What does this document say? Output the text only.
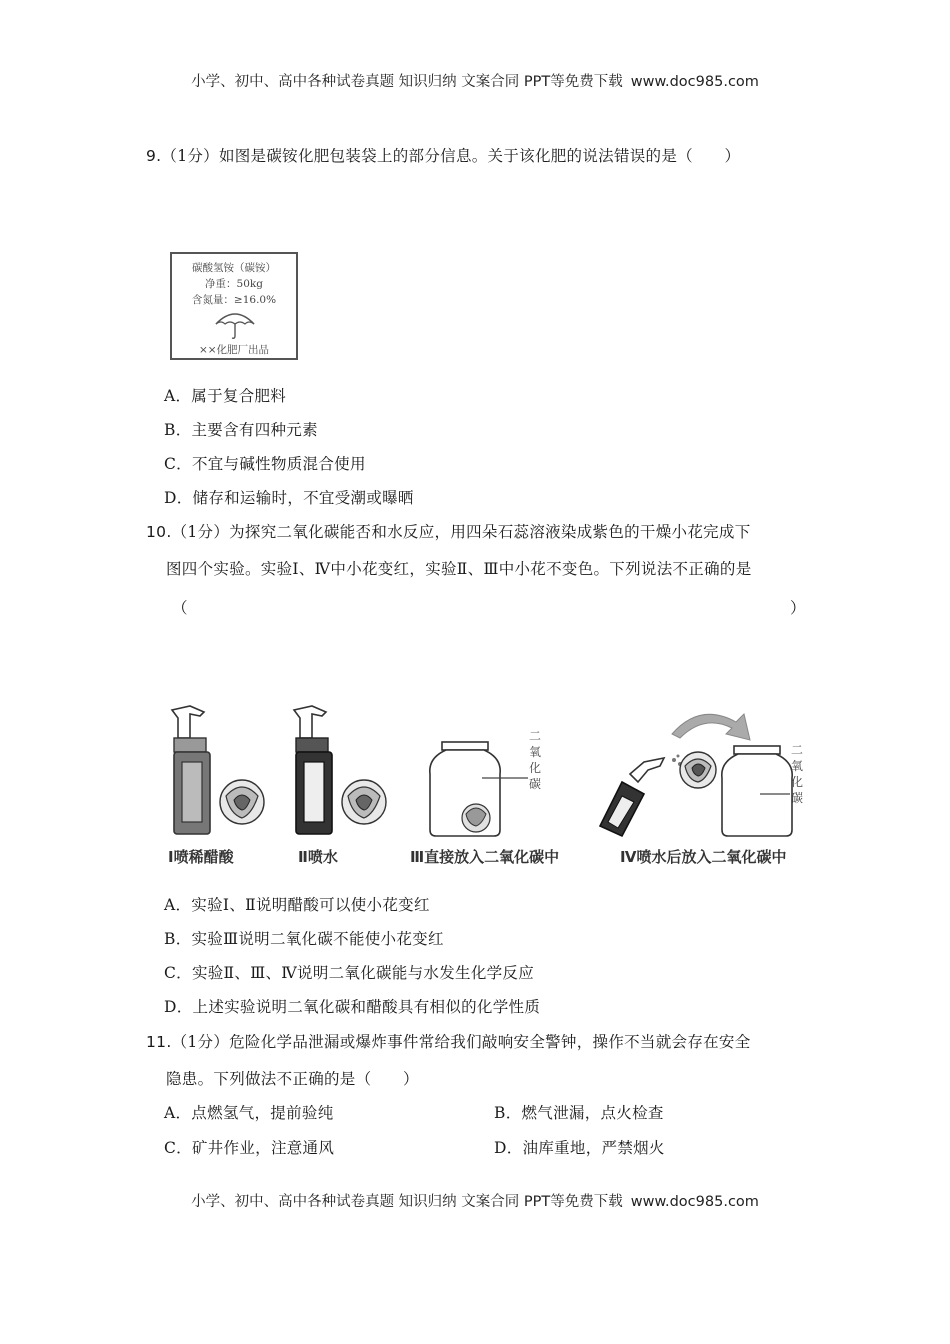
小学、初中、高中各种试卷真题 知识归纳 文案合同 PPT等免费下载 www.doc985.com
9.（1分）如图是碳铵化肥包装袋上的部分信息。关于该化肥的说法错误的是（　　）
碳酸氢铵（碳铵）
净重：50kg
含氮量：≥16.0%
××化肥厂出品
A．属于复合肥料
B．主要含有四种元素
C．不宜与碱性物质混合使用
D．储存和运输时，不宜受潮或曝晒
10.（1分）为探究二氧化碳能否和水反应，用四朵石蕊溶液染成紫色的干燥小花完成下
图四个实验。实验Ⅰ、Ⅳ中小花变红，实验Ⅱ、Ⅲ中小花不变色。下列说法不正确的是
（	）
二氧化碳
二氧化碳
Ⅰ喷稀醋酸	Ⅱ喷水	Ⅲ直接放入二氧化碳中	Ⅳ喷水后放入二氧化碳中
A．实验Ⅰ、Ⅱ说明醋酸可以使小花变红
B．实验Ⅲ说明二氧化碳不能使小花变红
C．实验Ⅱ、Ⅲ、Ⅳ说明二氧化碳能与水发生化学反应
D．上述实验说明二氧化碳和醋酸具有相似的化学性质
11.（1分）危险化学品泄漏或爆炸事件常给我们敲响安全警钟，操作不当就会存在安全
隐患。下列做法不正确的是（　　）
A．点燃氢气，提前验纯	B．燃气泄漏，点火检查
C．矿井作业，注意通风	D．油库重地，严禁烟火
小学、初中、高中各种试卷真题 知识归纳 文案合同 PPT等免费下载 www.doc985.com
